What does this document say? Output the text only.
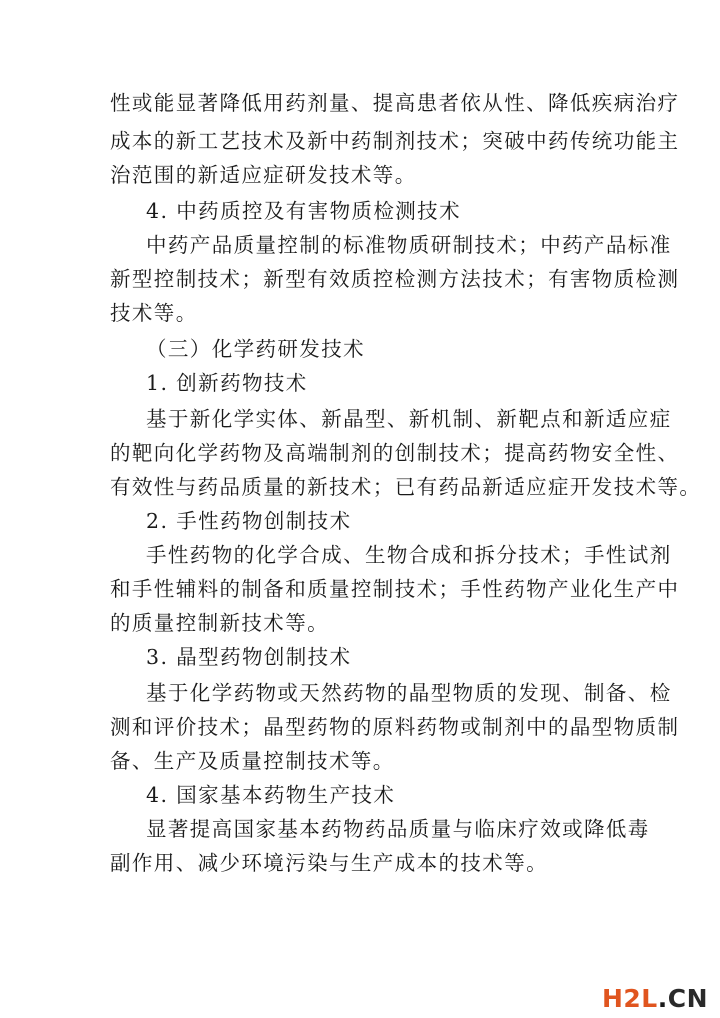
性或能显著降低用药剂量、提高患者依从性、降低疾病治疗
成本的新工艺技术及新中药制剂技术；突破中药传统功能主
治范围的新适应症研发技术等。
4. 中药质控及有害物质检测技术
中药产品质量控制的标准物质研制技术；中药产品标准
新型控制技术；新型有效质控检测方法技术；有害物质检测
技术等。
（三）化学药研发技术
1. 创新药物技术
基于新化学实体、新晶型、新机制、新靶点和新适应症
的靶向化学药物及高端制剂的创制技术；提高药物安全性、
有效性与药品质量的新技术；已有药品新适应症开发技术等。
2. 手性药物创制技术
手性药物的化学合成、生物合成和拆分技术；手性试剂
和手性辅料的制备和质量控制技术；手性药物产业化生产中
的质量控制新技术等。
3. 晶型药物创制技术
基于化学药物或天然药物的晶型物质的发现、制备、检
测和评价技术；晶型药物的原料药物或制剂中的晶型物质制
备、生产及质量控制技术等。
4. 国家基本药物生产技术
显著提高国家基本药物药品质量与临床疗效或降低毒
副作用、减少环境污染与生产成本的技术等。
H2L.CN
